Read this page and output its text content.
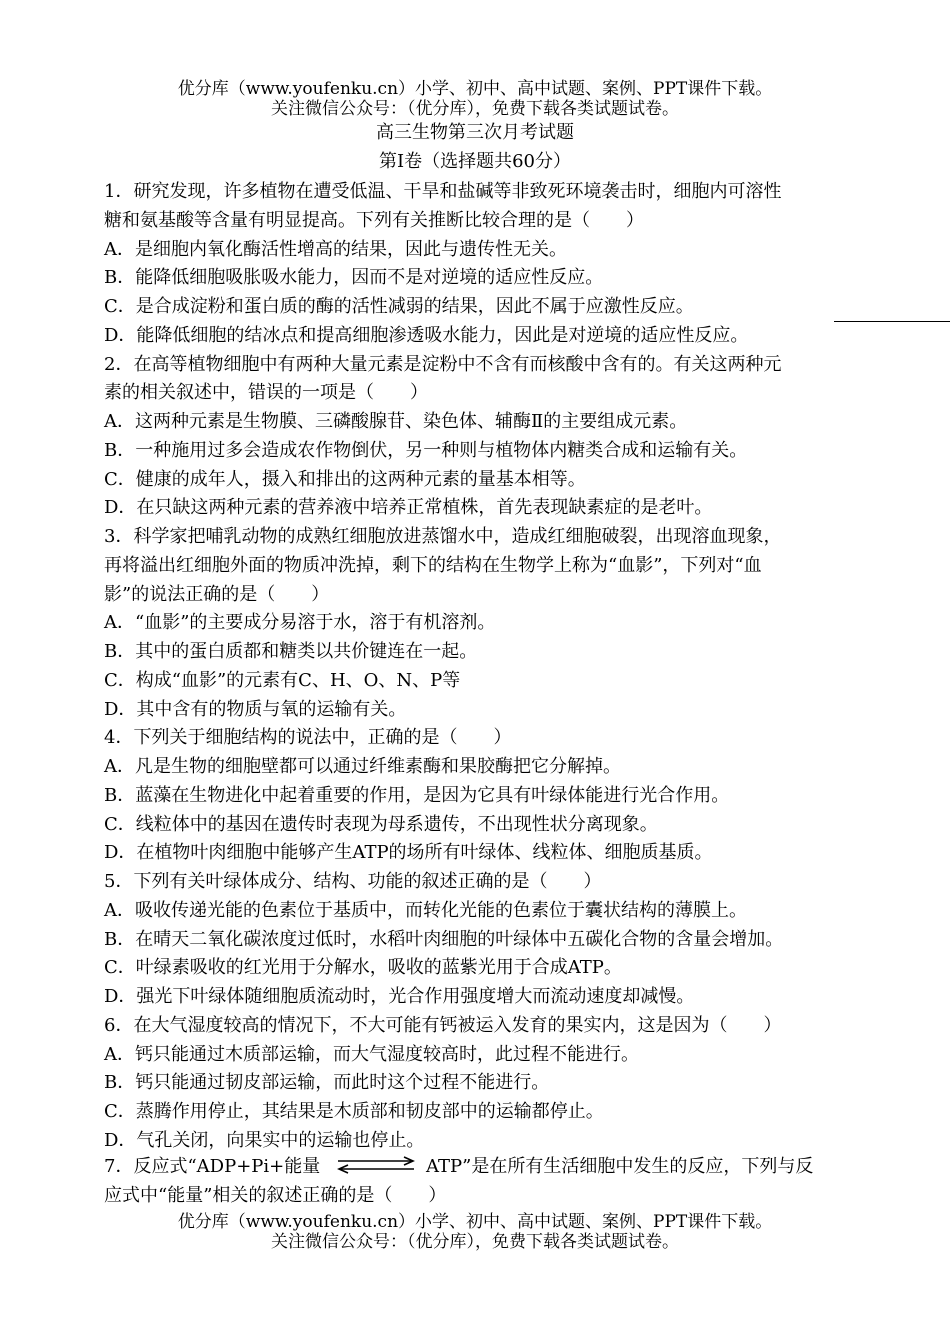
优分库（www.youfenku.cn）小学、初中、高中试题、案例、PPT课件下载。
关注微信公众号：（优分库），免费下载各类试题试卷。
高三生物第三次月考试题
第Ⅰ卷（选择题共60分）
1．研究发现，许多植物在遭受低温、干旱和盐碱等非致死环境袭击时，细胞内可溶性
糖和氨基酸等含量有明显提高。下列有关推断比较合理的是（　　）
A．是细胞内氧化酶活性增高的结果，因此与遗传性无关。
B．能降低细胞吸胀吸水能力，因而不是对逆境的适应性反应。
C．是合成淀粉和蛋白质的酶的活性减弱的结果，因此不属于应激性反应。
D．能降低细胞的结冰点和提高细胞渗透吸水能力，因此是对逆境的适应性反应。
2．在高等植物细胞中有两种大量元素是淀粉中不含有而核酸中含有的。有关这两种元
素的相关叙述中，错误的一项是（　　）
A．这两种元素是生物膜、三磷酸腺苷、染色体、辅酶Ⅱ的主要组成元素。
B．一种施用过多会造成农作物倒伏，另一种则与植物体内糖类合成和运输有关。
C．健康的成年人，摄入和排出的这两种元素的量基本相等。
D．在只缺这两种元素的营养液中培养正常植株，首先表现缺素症的是老叶。
3．科学家把哺乳动物的成熟红细胞放进蒸馏水中，造成红细胞破裂，出现溶血现象，
再将溢出红细胞外面的物质冲洗掉，剩下的结构在生物学上称为“血影”，下列对“血
影”的说法正确的是（　　）
A．“血影”的主要成分易溶于水，溶于有机溶剂。
B．其中的蛋白质都和糖类以共价键连在一起。
C．构成“血影”的元素有C、H、O、N、P等
D．其中含有的物质与氧的运输有关。
4．下列关于细胞结构的说法中，正确的是（　　）
A．凡是生物的细胞壁都可以通过纤维素酶和果胶酶把它分解掉。
B．蓝藻在生物进化中起着重要的作用，是因为它具有叶绿体能进行光合作用。
C．线粒体中的基因在遗传时表现为母系遗传，不出现性状分离现象。
D．在植物叶肉细胞中能够产生ATP的场所有叶绿体、线粒体、细胞质基质。
5．下列有关叶绿体成分、结构、功能的叙述正确的是（　　）
A．吸收传递光能的色素位于基质中，而转化光能的色素位于囊状结构的薄膜上。
B．在晴天二氧化碳浓度过低时，水稻叶肉细胞的叶绿体中五碳化合物的含量会增加。
C．叶绿素吸收的红光用于分解水，吸收的蓝紫光用于合成ATP。
D．强光下叶绿体随细胞质流动时，光合作用强度增大而流动速度却减慢。
6．在大气湿度较高的情况下，不大可能有钙被运入发育的果实内，这是因为（　　）
A．钙只能通过木质部运输，而大气湿度较高时，此过程不能进行。
B．钙只能通过韧皮部运输，而此时这个过程不能进行。
C．蒸腾作用停止，其结果是木质部和韧皮部中的运输都停止。
D．气孔关闭，向果实中的运输也停止。
7．反应式“ADP+Pi+能量	ATP”是在所有生活细胞中发生的反应，下列与反
应式中“能量”相关的叙述正确的是（　　）
优分库（www.youfenku.cn）小学、初中、高中试题、案例、PPT课件下载。
关注微信公众号：（优分库），免费下载各类试题试卷。
